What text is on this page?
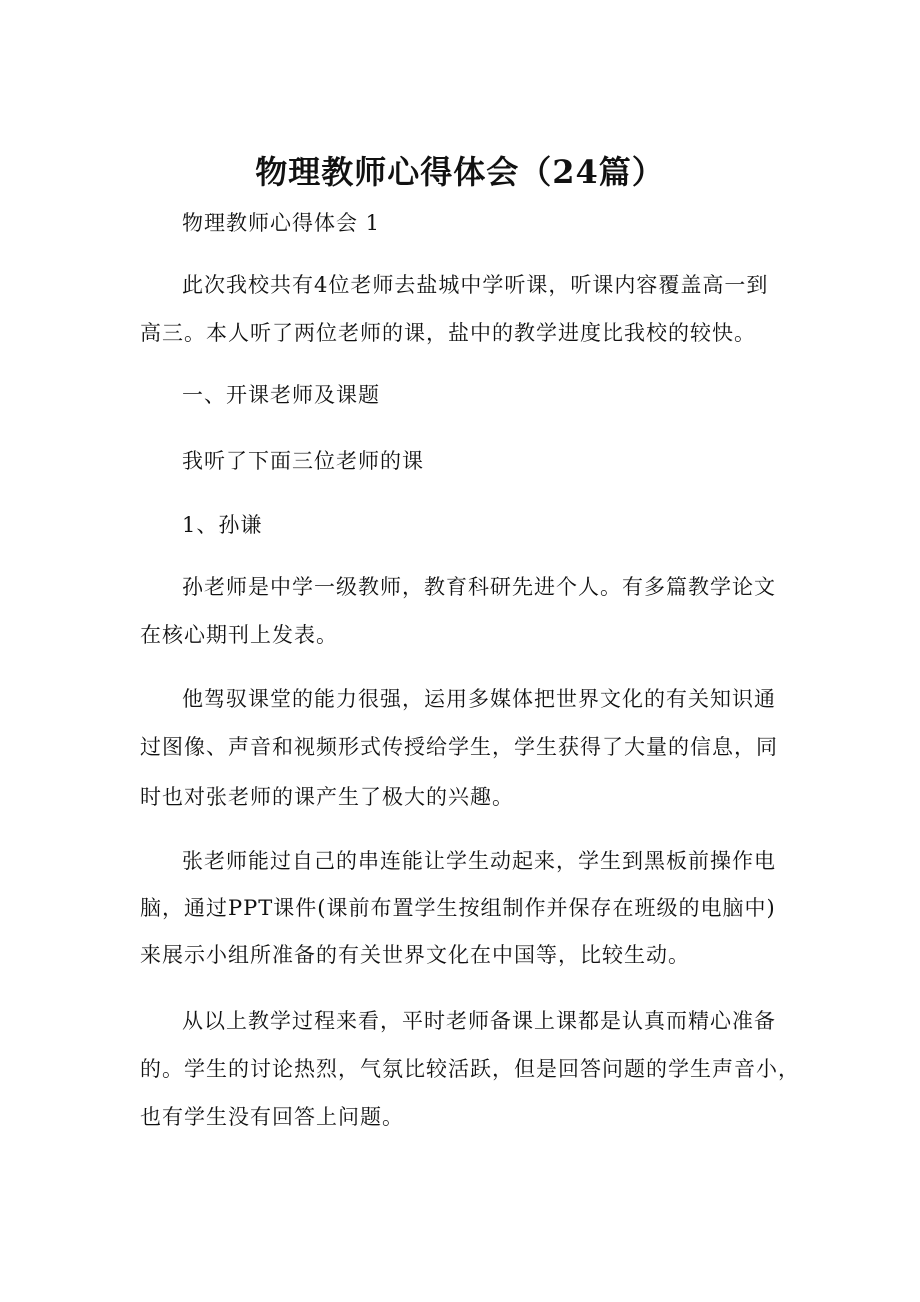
物理教师心得体会（24篇）
物理教师心得体会 1
此次我校共有4位老师去盐城中学听课，听课内容覆盖高一到
高三。本人听了两位老师的课，盐中的教学进度比我校的较快。
一、开课老师及课题
我听了下面三位老师的课
1、孙谦
孙老师是中学一级教师，教育科研先进个人。有多篇教学论文
在核心期刊上发表。
他驾驭课堂的能力很强，运用多媒体把世界文化的有关知识通
过图像、声音和视频形式传授给学生，学生获得了大量的信息，同
时也对张老师的课产生了极大的兴趣。
张老师能过自己的串连能让学生动起来，学生到黑板前操作电
脑，通过PPT课件(课前布置学生按组制作并保存在班级的电脑中)
来展示小组所准备的有关世界文化在中国等，比较生动。
从以上教学过程来看，平时老师备课上课都是认真而精心准备
的。学生的讨论热烈，气氛比较活跃，但是回答问题的学生声音小，
也有学生没有回答上问题。
